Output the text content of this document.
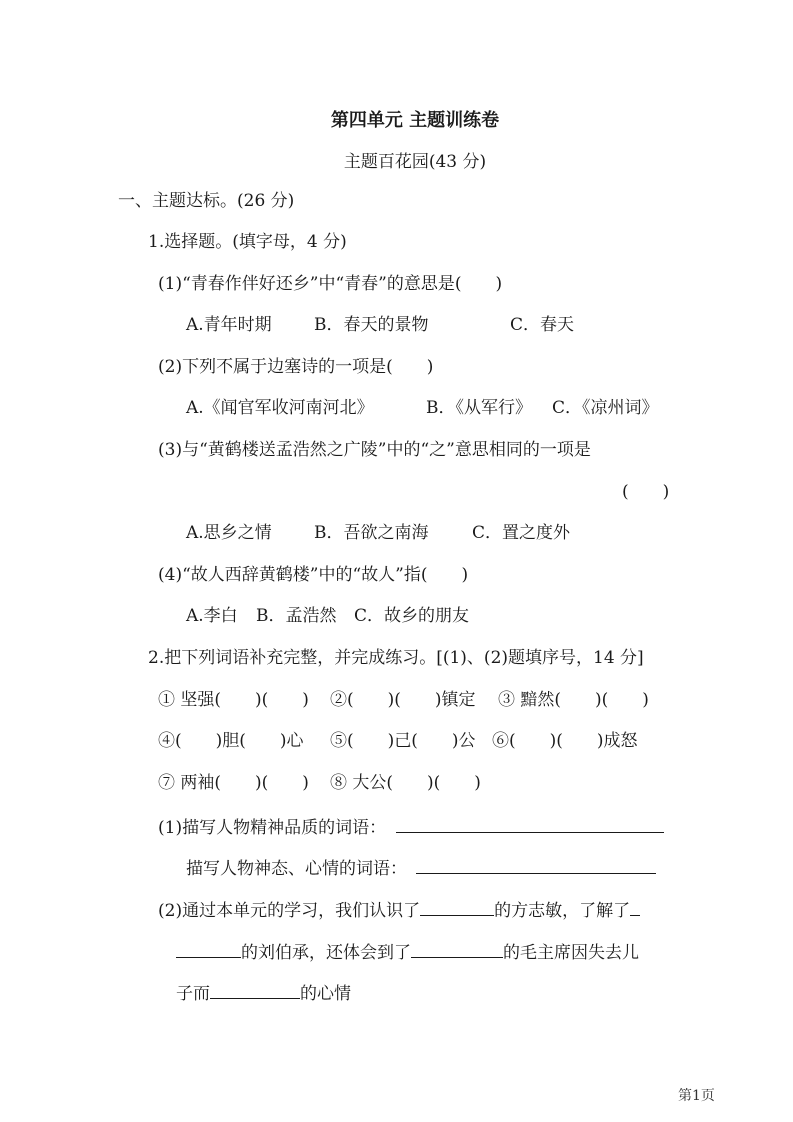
第四单元 主题训练卷
主题百花园(43 分)
一、主题达标。(26 分)
1.选择题。(填字母，4 分)
(1)“青春作伴好还乡”中“青春”的意思是(　　)
A.青年时期 B．春天的景物	C．春天
(2)下列不属于边塞诗的一项是(　　)
A.《闻官军收河南河北》	B．《从军行》 C．《凉州词》
(3)与“黄鹤楼送孟浩然之广陵”中的“之”意思相同的一项是
(　　)
A.思乡之情 B．吾欲之南海	C．置之度外
(4)“故人西辞黄鹤楼”中的“故人”指(　　)
A.李白 B．孟浩然 C．故乡的朋友
2.把下列词语补充完整，并完成练习。[(1)、(2)题填序号，14 分]
① 坚强(　　)(　　) ②(　　)(　　)镇定 ③ 黯然(　　)(　　)
④(　　)胆(　　)心 ⑤(　　)己(　　)公 ⑥(　　)(　　)成怒
⑦ 两袖(　　)(　　) ⑧ 大公(　　)(　　)
(1)描写人物精神品质的词语：
描写人物神态、心情的词语：
(2)通过本单元的学习，我们认识了	的方志敏，了解了
的刘伯承，还体会到了	的毛主席因失去儿
子而	的心情
第1页
